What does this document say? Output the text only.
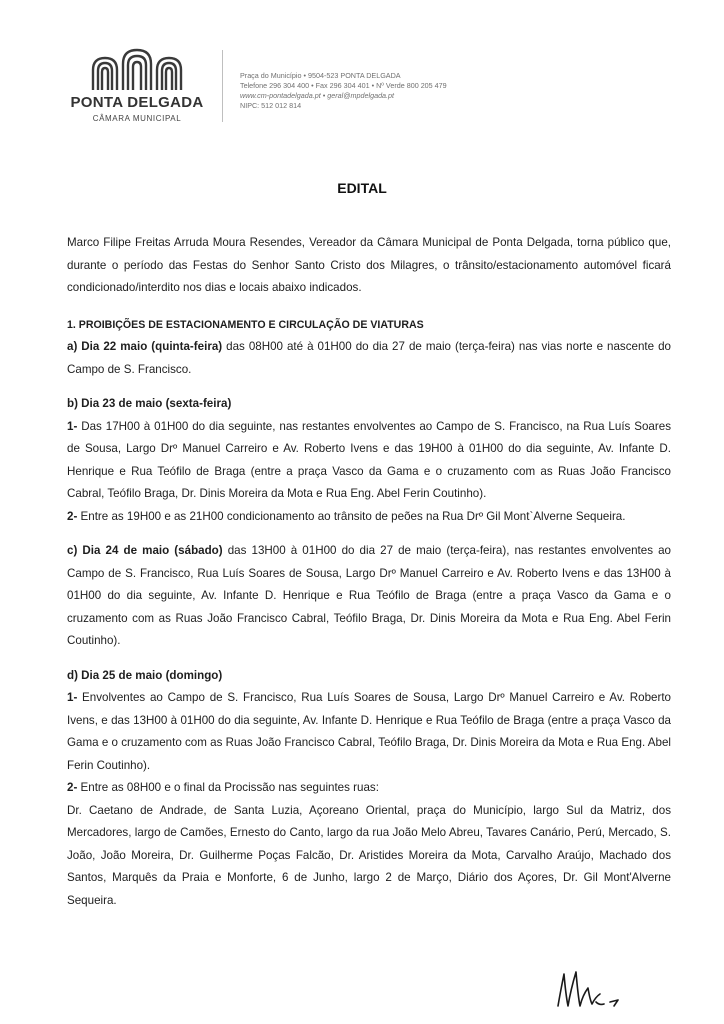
PONTA DELGADA
CÂMARA MUNICIPAL
Praça do Município • 9504-523 PONTA DELGADA
Telefone 296 304 400 • Fax 296 304 401 • Nº Verde 800 205 479
www.cm-pontadelgada.pt • geral@mpdelgada.pt
NIPC: 512 012 814
EDITAL

Marco Filipe Freitas Arruda Moura Resendes, Vereador da Câmara Municipal de Ponta Delgada, torna público que, durante o período das Festas do Senhor Santo Cristo dos Milagres, o trânsito/estacionamento automóvel ficará condicionado/interdito nos dias e locais abaixo indicados.

1. PROIBIÇÕES DE ESTACIONAMENTO E CIRCULAÇÃO DE VIATURAS

a) Dia 22 maio (quinta-feira) das 08H00 até à 01H00 do dia 27 de maio (terça-feira) nas vias norte e nascente do Campo de S. Francisco.

b) Dia 23 de maio (sexta-feira)

1- Das 17H00 à 01H00 do dia seguinte, nas restantes envolventes ao Campo de S. Francisco, na Rua Luís Soares de Sousa, Largo Drº Manuel Carreiro e Av. Roberto Ivens e das 19H00 à 01H00 do dia seguinte, Av. Infante D. Henrique e Rua Teófilo de Braga (entre a praça Vasco da Gama e o cruzamento com as Ruas João Francisco Cabral, Teófilo Braga, Dr. Dinis Moreira da Mota e Rua Eng. Abel Ferin Coutinho).

2- Entre as 19H00 e as 21H00 condicionamento ao trânsito de peões na Rua Drº Gil Mont`Alverne Sequeira.

c) Dia 24 de maio (sábado) das 13H00 à 01H00 do dia 27 de maio (terça-feira), nas restantes envolventes ao Campo de S. Francisco, Rua Luís Soares de Sousa, Largo Drº Manuel Carreiro e Av. Roberto Ivens e das 13H00 à 01H00 do dia seguinte, Av. Infante D. Henrique e Rua Teófilo de Braga (entre a praça Vasco da Gama e o cruzamento com as Ruas João Francisco Cabral, Teófilo Braga, Dr. Dinis Moreira da Mota e Rua Eng. Abel Ferin Coutinho).

d) Dia 25 de maio (domingo)

1- Envolventes ao Campo de S. Francisco, Rua Luís Soares de Sousa, Largo Drº Manuel Carreiro e Av. Roberto Ivens, e das 13H00 à 01H00 do dia seguinte, Av. Infante D. Henrique e Rua Teófilo de Braga (entre a praça Vasco da Gama e o cruzamento com as Ruas João Francisco Cabral, Teófilo Braga, Dr. Dinis Moreira da Mota e Rua Eng. Abel Ferin Coutinho).

2- Entre as 08H00 e o final da Procissão nas seguintes ruas:

Dr. Caetano de Andrade, de Santa Luzia, Açoreano Oriental, praça do Município, largo Sul da Matriz, dos Mercadores, largo de Camões, Ernesto do Canto, largo da rua João Melo Abreu, Tavares Canário, Perú, Mercado, S. João, João Moreira, Dr. Guilherme Poças Falcão, Dr. Aristides Moreira da Mota, Carvalho Araújo, Machado dos Santos, Marquês da Praia e Monforte, 6 de Junho, largo 2 de Março, Diário dos Açores, Dr. Gil Mont'Alverne Sequeira.
